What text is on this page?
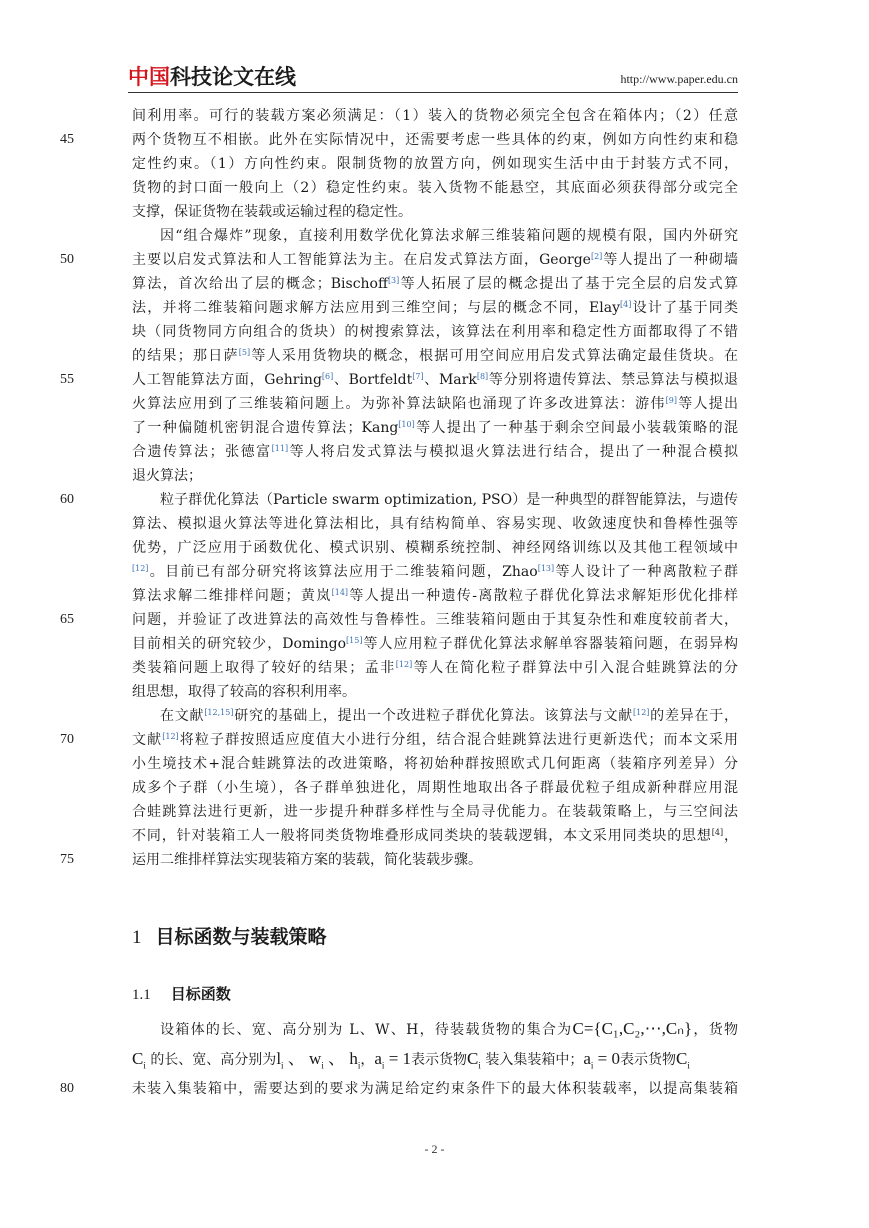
中国科技论文在线	http://www.paper.edu.cn
间利用率。可行的装载方案必须满足：（1）装入的货物必须完全包含在箱体内；（2）任意
45	两个货物互不相嵌。此外在实际情况中，还需要考虑一些具体的约束，例如方向性约束和稳
定性约束。（1）方向性约束。限制货物的放置方向，例如现实生活中由于封装方式不同，
货物的封口面一般向上（2）稳定性约束。装入货物不能悬空，其底面必须获得部分或完全
支撑，保证货物在装载或运输过程的稳定性。
因“组合爆炸”现象，直接利用数学优化算法求解三维装箱问题的规模有限，国内外研究
50	主要以启发式算法和人工智能算法为主。在启发式算法方面，George[2]等人提出了一种砌墙
算法，首次给出了层的概念；Bischoff[3]等人拓展了层的概念提出了基于完全层的启发式算
法，并将二维装箱问题求解方法应用到三维空间；与层的概念不同，Elay[4]设计了基于同类
块（同货物同方向组合的货块）的树搜索算法，该算法在利用率和稳定性方面都取得了不错
的结果；那日萨[5]等人采用货物块的概念，根据可用空间应用启发式算法确定最佳货块。在
55	人工智能算法方面，Gehring[6]、Bortfeldt[7]、Mark[8]等分别将遗传算法、禁忌算法与模拟退
火算法应用到了三维装箱问题上。为弥补算法缺陷也涌现了许多改进算法：游伟[9]等人提出
了一种偏随机密钥混合遗传算法；Kang[10]等人提出了一种基于剩余空间最小装载策略的混
合遗传算法；张德富[11]等人将启发式算法与模拟退火算法进行结合，提出了一种混合模拟
退火算法；
60	粒子群优化算法（Particle swarm optimization, PSO）是一种典型的群智能算法，与遗传
算法、模拟退火算法等进化算法相比，具有结构简单、容易实现、收敛速度快和鲁棒性强等
优势，广泛应用于函数优化、模式识别、模糊系统控制、神经网络训练以及其他工程领域中
[12]。目前已有部分研究将该算法应用于二维装箱问题，Zhao[13]等人设计了一种离散粒子群
算法求解二维排样问题；黄岚[14]等人提出一种遗传-离散粒子群优化算法求解矩形优化排样
65	问题，并验证了改进算法的高效性与鲁棒性。三维装箱问题由于其复杂性和难度较前者大，
目前相关的研究较少，Domingo[15]等人应用粒子群优化算法求解单容器装箱问题，在弱异构
类装箱问题上取得了较好的结果；孟非[12]等人在简化粒子群算法中引入混合蛙跳算法的分
组思想，取得了较高的容积利用率。
在文献[12,15]研究的基础上，提出一个改进粒子群优化算法。该算法与文献[12]的差异在于，
70	文献[12]将粒子群按照适应度值大小进行分组，结合混合蛙跳算法进行更新迭代；而本文采用
小生境技术+混合蛙跳算法的改进策略，将初始种群按照欧式几何距离（装箱序列差异）分
成多个子群（小生境），各子群单独进化，周期性地取出各子群最优粒子组成新种群应用混
合蛙跳算法进行更新，进一步提升种群多样性与全局寻优能力。在装载策略上，与三空间法
不同，针对装箱工人一般将同类货物堆叠形成同类块的装载逻辑，本文采用同类块的思想[4]，
75	运用二维排样算法实现装箱方案的装载，简化装载步骤。
1 目标函数与装载策略
1.1 目标函数
设箱体的长、宽、高分别为 L、W、H，待装载货物的集合为C={C₁,C₂,⋯,Cₙ}，货物
$C_i$ 的长、宽、高分别为$l_i$ 、 $w_i$ 、 $h_i$，$a_i = 1$表示货物$C_i$ 装入集装箱中；$a_i = 0$表示货物$C_i$
80	未装入集装箱中，需要达到的要求为满足给定约束条件下的最大体积装载率，以提高集装箱
- 2 -
